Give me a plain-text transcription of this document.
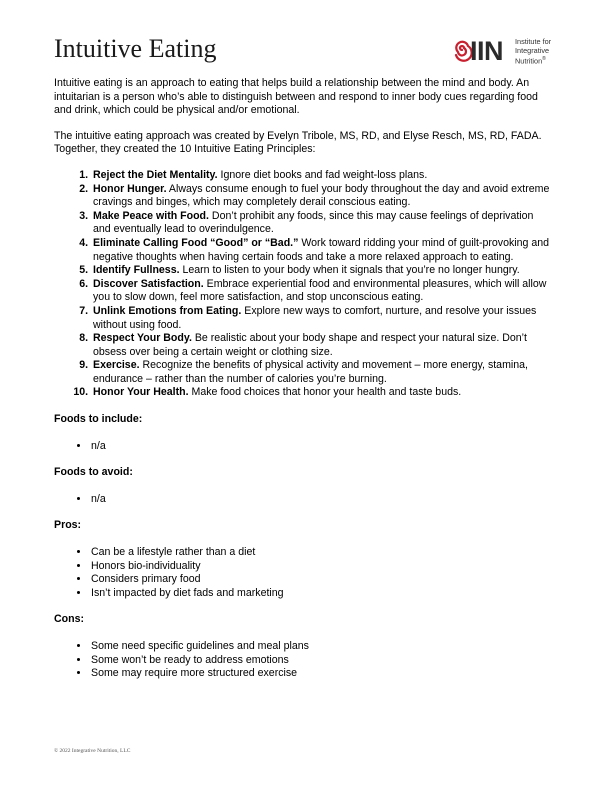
Intuitive Eating	IIN Institute for
Integrative
Nutrition®

Intuitive eating is an approach to eating that helps build a relationship between the mind and body. An intuitarian is a person who’s able to distinguish between and respond to inner body cues regarding food and drink, which could be physical and/or emotional.

The intuitive eating approach was created by Evelyn Tribole, MS, RD, and Elyse Resch, MS, RD, FADA. Together, they created the 10 Intuitive Eating Principles:

1. Reject the Diet Mentality. Ignore diet books and fad weight-loss plans.
2. Honor Hunger. Always consume enough to fuel your body throughout the day and avoid extreme cravings and binges, which may completely derail conscious eating.
3. Make Peace with Food. Don’t prohibit any foods, since this may cause feelings of deprivation and eventually lead to overindulgence.
4. Eliminate Calling Food “Good” or “Bad.” Work toward ridding your mind of guilt-provoking and negative thoughts when having certain foods and take a more relaxed approach to eating.
5. Identify Fullness. Learn to listen to your body when it signals that you’re no longer hungry.
6. Discover Satisfaction. Embrace experiential food and environmental pleasures, which will allow you to slow down, feel more satisfaction, and stop unconscious eating.
7. Unlink Emotions from Eating. Explore new ways to comfort, nurture, and resolve your issues without using food.
8. Respect Your Body. Be realistic about your body shape and respect your natural size. Don’t obsess over being a certain weight or clothing size.
9. Exercise. Recognize the benefits of physical activity and movement – more energy, stamina, endurance – rather than the number of calories you’re burning.
10. Honor Your Health. Make food choices that honor your health and taste buds.

Foods to include:

• n/a

Foods to avoid:

• n/a

Pros:

• Can be a lifestyle rather than a diet
• Honors bio-individuality
• Considers primary food
• Isn’t impacted by diet fads and marketing

Cons:

• Some need specific guidelines and meal plans
• Some won’t be ready to address emotions
• Some may require more structured exercise
© 2022 Integrative Nutrition, LLC
